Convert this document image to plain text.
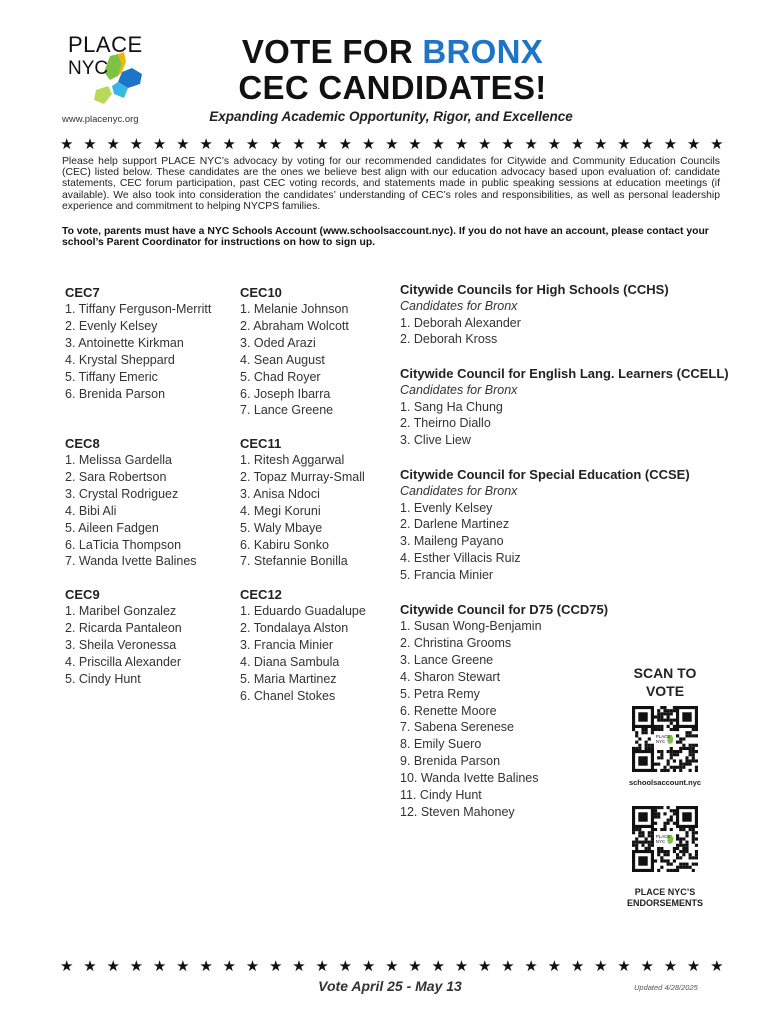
PLACE
NYC
www.placenyc.org
VOTE FOR BRONX
CEC CANDIDATES!
Expanding Academic Opportunity, Rigor, and Excellence
★ ★ ★ ★ ★ ★ ★ ★ ★ ★ ★ ★ ★ ★ ★ ★ ★ ★ ★ ★ ★ ★ ★ ★ ★ ★ ★ ★ ★
Please help support PLACE NYC’s advocacy by voting for our recommended candidates for Citywide and Community Education Councils (CEC) listed below. These candidates are the ones we believe best align with our education advocacy based upon evaluation of: candidate statements, CEC forum participation, past CEC voting records, and statements made in public speaking sessions at education meetings (if available). We also took into consideration the candidates’ understanding of CEC’s roles and responsibilities, as well as personal leadership experience and commitment to helping NYCPS families.
To vote, parents must have a NYC Schools Account (www.schoolsaccount.nyc). If you do not have an account, please contact your school’s Parent Coordinator for instructions on how to sign up.
CEC7
1. Tiffany Ferguson-Merritt
2. Evenly Kelsey
3. Antoinette Kirkman
4. Krystal Sheppard
5. Tiffany Emeric
6. Brenida Parson
CEC8
1. Melissa Gardella
2. Sara Robertson
3. Crystal Rodriguez
4. Bibi Ali
5. Aileen Fadgen
6. LaTicia Thompson
7. Wanda Ivette Balines
CEC9
1. Maribel Gonzalez
2. Ricarda Pantaleon
3. Sheila Veronessa
4. Priscilla Alexander
5. Cindy Hunt
CEC10
1. Melanie Johnson
2. Abraham Wolcott
3. Oded Arazi
4. Sean August
5. Chad Royer
6. Joseph Ibarra
7. Lance Greene
CEC11
1. Ritesh Aggarwal
2. Topaz Murray-Small
3. Anisa Ndoci
4. Megi Koruni
5. Waly Mbaye
6. Kabiru Sonko
7. Stefannie Bonilla
CEC12
1. Eduardo Guadalupe
2. Tondalaya Alston
3. Francia Minier
4. Diana Sambula
5. Maria Martinez
6. Chanel Stokes
Citywide Councils for High Schools (CCHS)
Candidates for Bronx
1. Deborah Alexander
2. Deborah Kross
Citywide Council for English Lang. Learners (CCELL)
Candidates for Bronx
1. Sang Ha Chung
2. Theirno Diallo
3. Clive Liew
Citywide Council for Special Education (CCSE)
Candidates for Bronx
1. Evenly Kelsey
2. Darlene Martinez
3. Maileng Payano
4. Esther Villacis Ruiz
5. Francia Minier
Citywide Council for D75 (CCD75)
1. Susan Wong-Benjamin
2. Christina Grooms
3. Lance Greene
4. Sharon Stewart
5. Petra Remy
6. Renette Moore
7. Sabena Serenese
8. Emily Suero
9. Brenida Parson
10. Wanda Ivette Balines
11. Cindy Hunt
12. Steven Mahoney
SCAN TO
VOTE
PLACE
NYC
schoolsaccount.nyc
PLACE
NYC
PLACE NYC’S
ENDORSEMENTS
★ ★ ★ ★ ★ ★ ★ ★ ★ ★ ★ ★ ★ ★ ★ ★ ★ ★ ★ ★ ★ ★ ★ ★ ★ ★ ★ ★ ★
Vote April 25 - May 13	Updated 4/28/2025
